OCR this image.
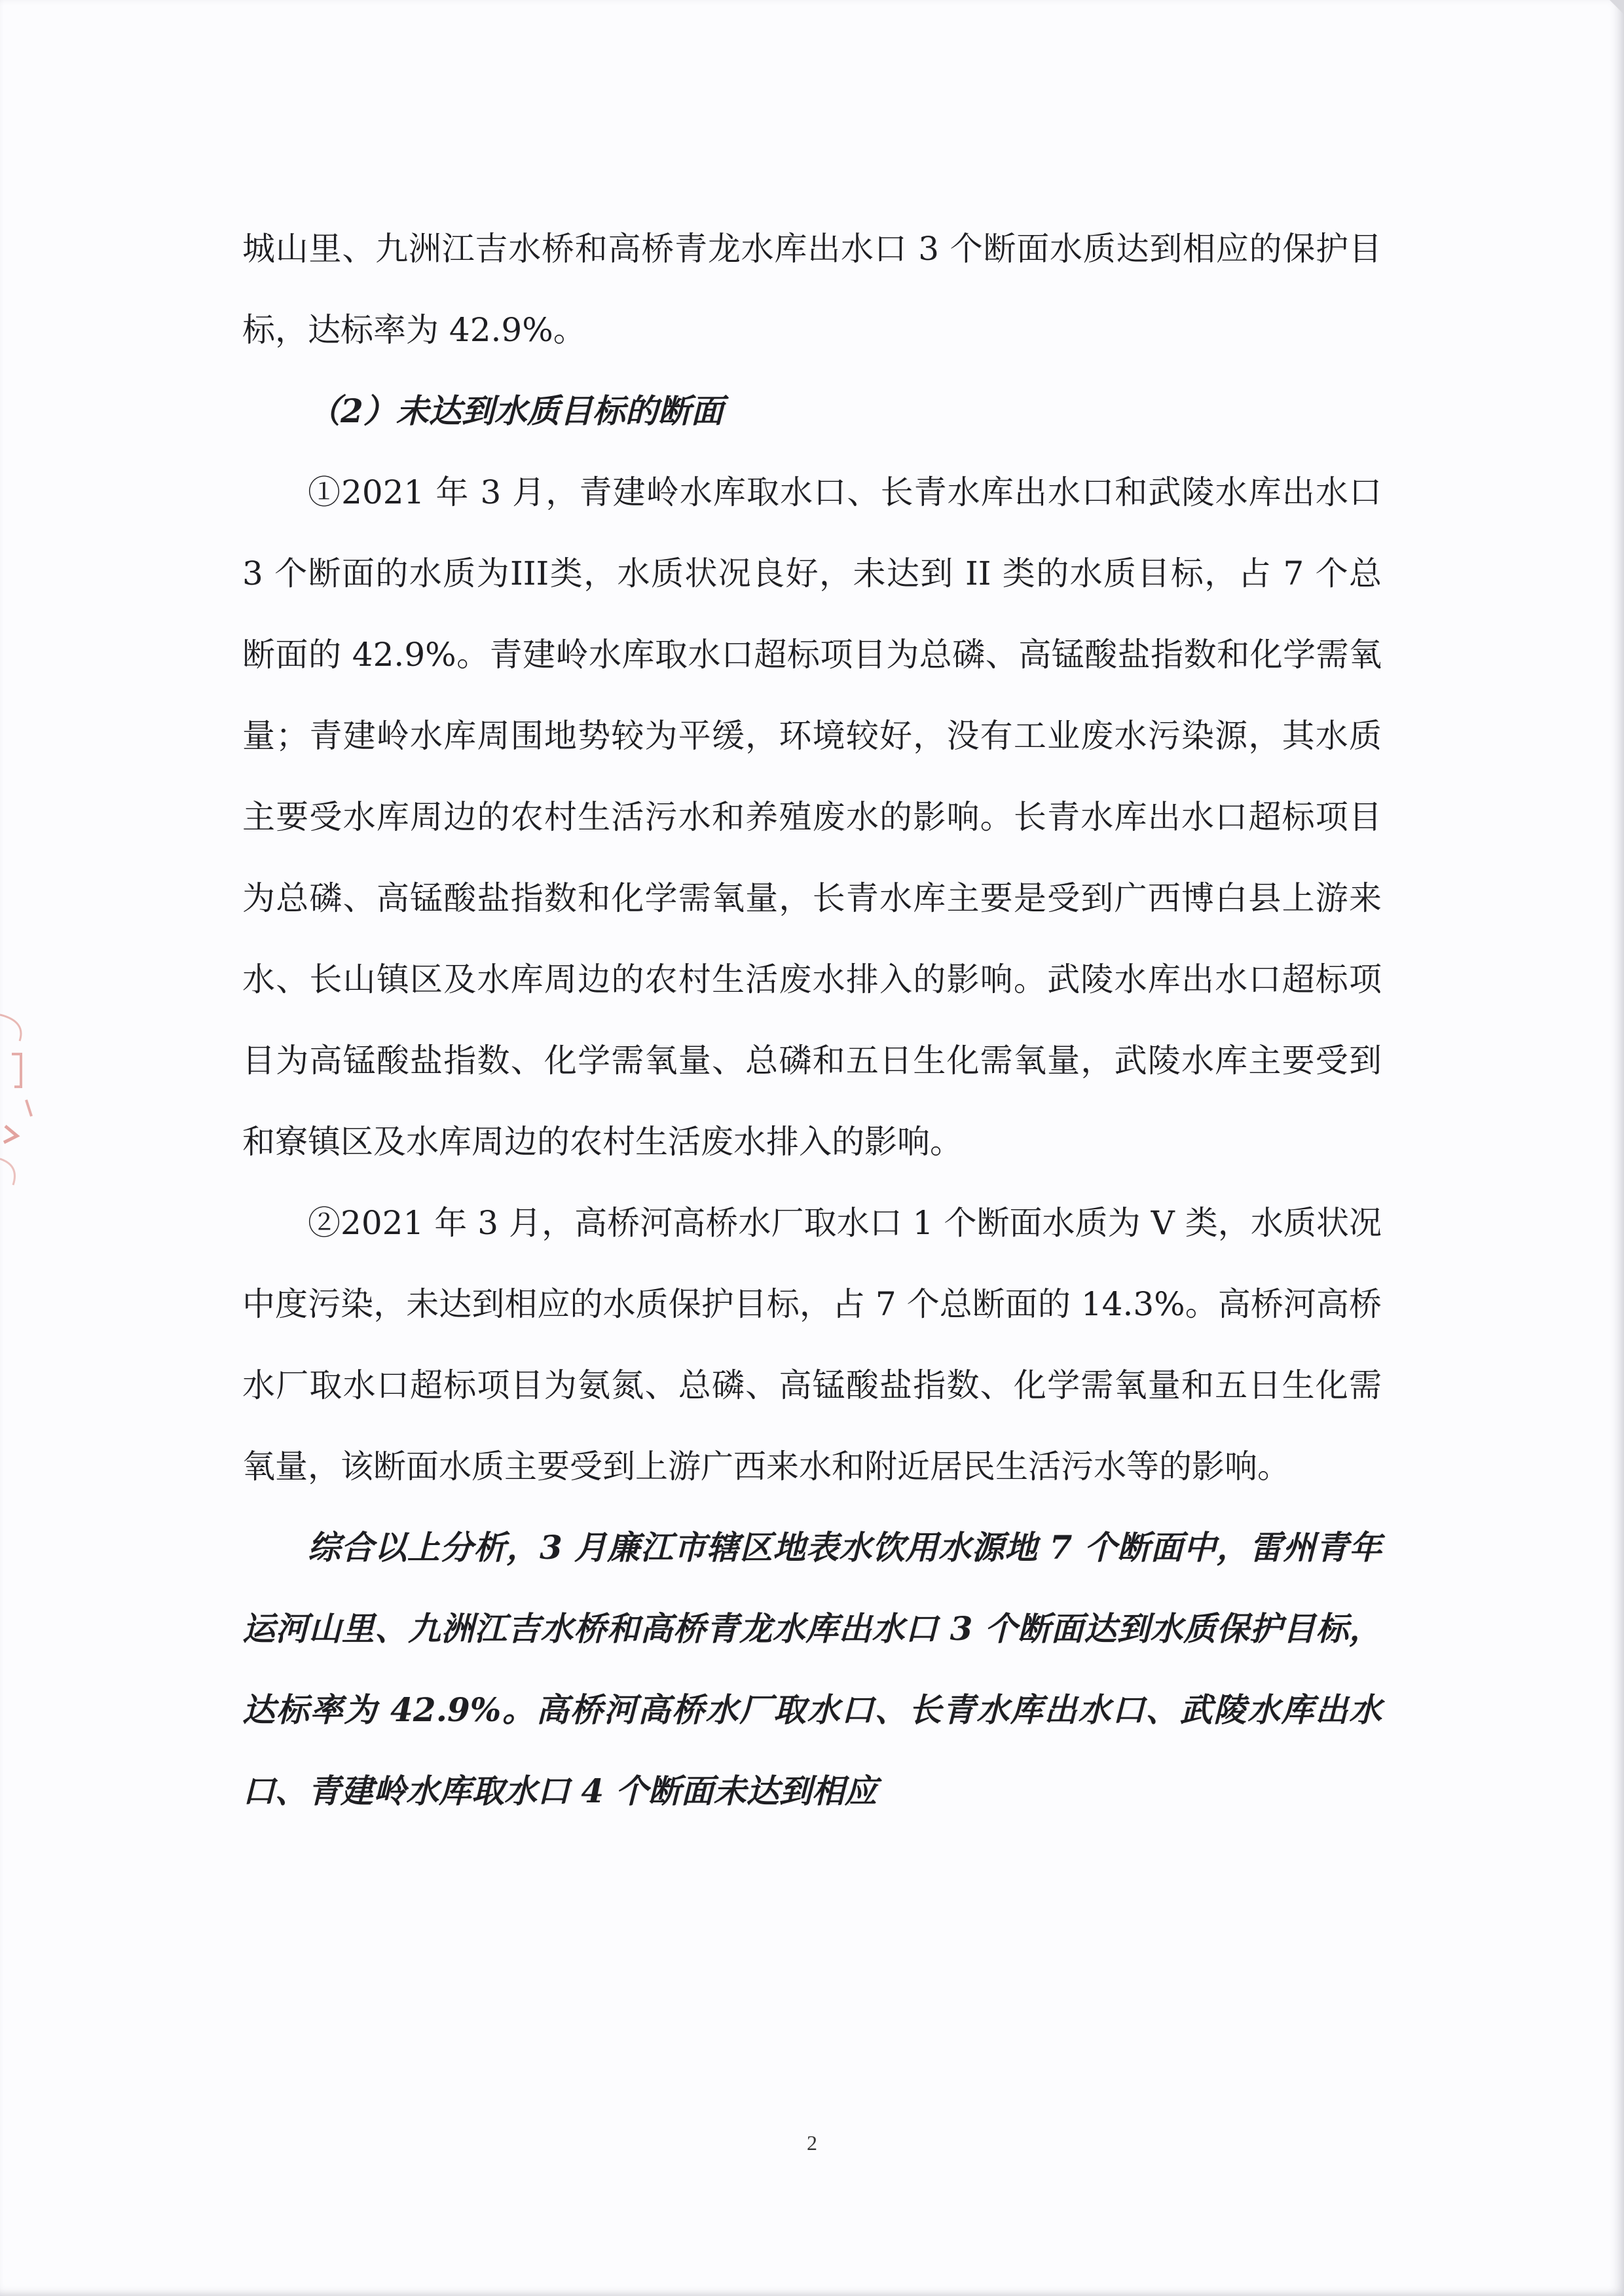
城山里、九洲江吉水桥和高桥青龙水库出水口 3 个断面水质达到相应的保护目标，达标率为 42.9%。

（2）未达到水质目标的断面

①2021 年 3 月，青建岭水库取水口、长青水库出水口和武陵水库出水口 3 个断面的水质为III类，水质状况良好，未达到 II 类的水质目标，占 7 个总断面的 42.9%。青建岭水库取水口超标项目为总磷、高锰酸盐指数和化学需氧量；青建岭水库周围地势较为平缓，环境较好，没有工业废水污染源，其水质主要受水库周边的农村生活污水和养殖废水的影响。长青水库出水口超标项目为总磷、高锰酸盐指数和化学需氧量，长青水库主要是受到广西博白县上游来水、长山镇区及水库周边的农村生活废水排入的影响。武陵水库出水口超标项目为高锰酸盐指数、化学需氧量、总磷和五日生化需氧量，武陵水库主要受到和寮镇区及水库周边的农村生活废水排入的影响。

②2021 年 3 月，高桥河高桥水厂取水口 1 个断面水质为 V 类，水质状况中度污染，未达到相应的水质保护目标，占 7 个总断面的 14.3%。高桥河高桥水厂取水口超标项目为氨氮、总磷、高锰酸盐指数、化学需氧量和五日生化需氧量，该断面水质主要受到上游广西来水和附近居民生活污水等的影响。

综合以上分析，3 月廉江市辖区地表水饮用水源地 7 个断面中，雷州青年运河山里、九洲江吉水桥和高桥青龙水库出水口 3 个断面达到水质保护目标，达标率为 42.9%。高桥河高桥水厂取水口、长青水库出水口、武陵水库出水口、青建岭水库取水口 4 个断面未达到相应

2
